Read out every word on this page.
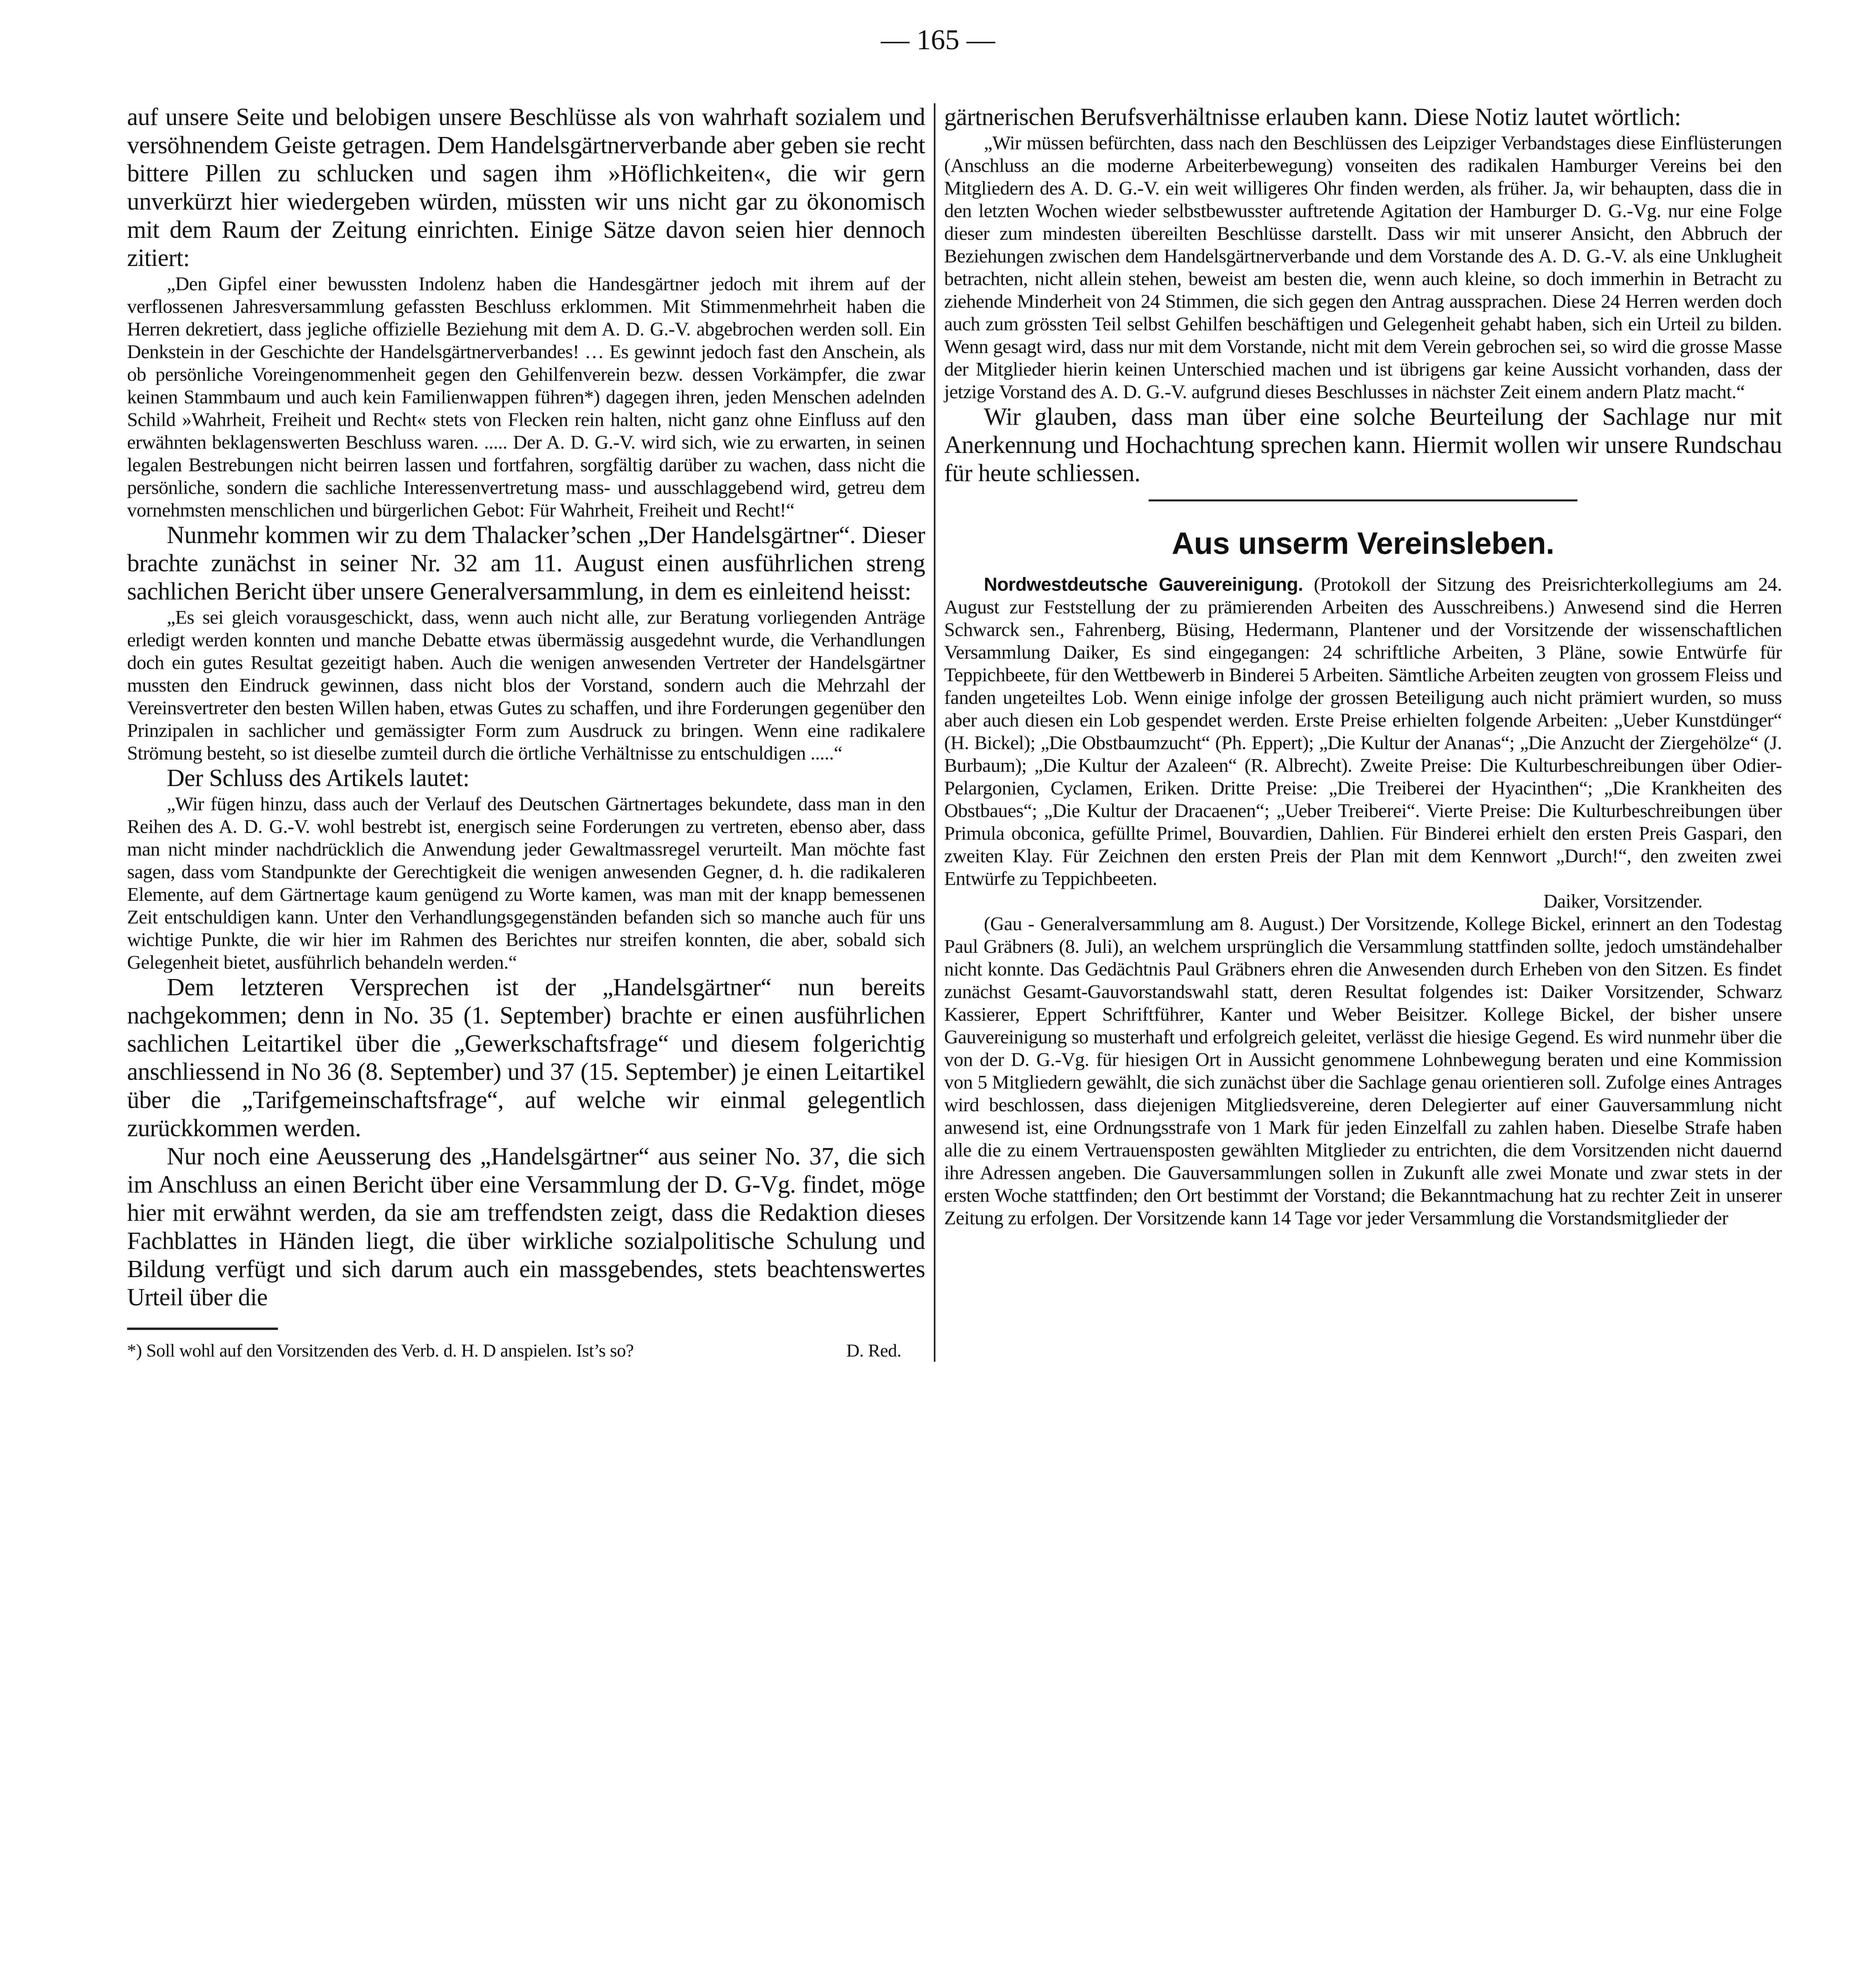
— 165 —

auf unsere Seite und belobigen unsere Beschlüsse als von wahrhaft sozialem und versöhnendem Geiste getragen. Dem Handelsgärtnerverbande aber geben sie recht bittere Pillen zu schlucken und sagen ihm »Höflichkeiten«, die wir gern unverkürzt hier wiedergeben würden, müssten wir uns nicht gar zu ökonomisch mit dem Raum der Zeitung einrichten. Einige Sätze davon seien hier dennoch zitiert:

„Den Gipfel einer bewussten Indolenz haben die Handesgärtner jedoch mit ihrem auf der verflossenen Jahresversammlung gefassten Beschluss erklommen. Mit Stimmenmehrheit haben die Herren dekretiert, dass jegliche offizielle Beziehung mit dem A. D. G.-V. abgebrochen werden soll. Ein Denkstein in der Geschichte der Handelsgärtnerverbandes! … Es gewinnt jedoch fast den Anschein, als ob persönliche Voreingenommenheit gegen den Gehilfenverein bezw. dessen Vorkämpfer, die zwar keinen Stammbaum und auch kein Familienwappen führen*) dagegen ihren, jeden Menschen adelnden Schild »Wahrheit, Freiheit und Recht« stets von Flecken rein halten, nicht ganz ohne Einfluss auf den erwähnten beklagenswerten Beschluss waren. ..... Der A. D. G.-V. wird sich, wie zu erwarten, in seinen legalen Bestrebungen nicht beirren lassen und fortfahren, sorgfältig darüber zu wachen, dass nicht die persönliche, sondern die sachliche Interessenvertretung mass- und ausschlaggebend wird, getreu dem vornehmsten menschlichen und bürgerlichen Gebot: Für Wahrheit, Freiheit und Recht!“

Nunmehr kommen wir zu dem Thalacker’schen „Der Handelsgärtner“. Dieser brachte zunächst in seiner Nr. 32 am 11. August einen ausführlichen streng sachlichen Bericht über unsere Generalversammlung, in dem es einleitend heisst:

„Es sei gleich vorausgeschickt, dass, wenn auch nicht alle, zur Beratung vorliegenden Anträge erledigt werden konnten und manche Debatte etwas übermässig ausgedehnt wurde, die Verhandlungen doch ein gutes Resultat gezeitigt haben. Auch die wenigen anwesenden Vertreter der Handelsgärtner mussten den Eindruck gewinnen, dass nicht blos der Vorstand, sondern auch die Mehrzahl der Vereinsvertreter den besten Willen haben, etwas Gutes zu schaffen, und ihre Forderungen gegenüber den Prinzipalen in sachlicher und gemässigter Form zum Ausdruck zu bringen. Wenn eine radikalere Strömung besteht, so ist dieselbe zumteil durch die örtliche Verhältnisse zu entschuldigen .....“

Der Schluss des Artikels lautet:

„Wir fügen hinzu, dass auch der Verlauf des Deutschen Gärtnertages bekundete, dass man in den Reihen des A. D. G.-V. wohl bestrebt ist, energisch seine Forderungen zu vertreten, ebenso aber, dass man nicht minder nachdrücklich die Anwendung jeder Gewaltmassregel verurteilt. Man möchte fast sagen, dass vom Standpunkte der Gerechtigkeit die wenigen anwesenden Gegner, d. h. die radikaleren Elemente, auf dem Gärtnertage kaum genügend zu Worte kamen, was man mit der knapp bemessenen Zeit entschuldigen kann. Unter den Verhandlungsgegenständen befanden sich so manche auch für uns wichtige Punkte, die wir hier im Rahmen des Berichtes nur streifen konnten, die aber, sobald sich Gelegenheit bietet, ausführlich behandeln werden.“

Dem letzteren Versprechen ist der „Handelsgärtner“ nun bereits nachgekommen; denn in No. 35 (1. September) brachte er einen ausführlichen sachlichen Leitartikel über die „Gewerkschaftsfrage“ und diesem folgerichtig anschliessend in No 36 (8. September) und 37 (15. September) je einen Leitartikel über die „Tarifgemeinschaftsfrage“, auf welche wir einmal gelegentlich zurückkommen werden.

Nur noch eine Aeusserung des „Handelsgärtner“ aus seiner No. 37, die sich im Anschluss an einen Bericht über eine Versammlung der D. G-Vg. findet, möge hier mit erwähnt werden, da sie am treffendsten zeigt, dass die Redaktion dieses Fachblattes in Händen liegt, die über wirkliche sozialpolitische Schulung und Bildung verfügt und sich darum auch ein massgebendes, stets beachtenswertes Urteil über die

*) Soll wohl auf den Vorsitzenden des Verb. d. H. D anspielen. Ist’s so?	D. Red.

gärtnerischen Berufsverhältnisse erlauben kann. Diese Notiz lautet wörtlich:

„Wir müssen befürchten, dass nach den Beschlüssen des Leipziger Verbandstages diese Einflüsterungen (Anschluss an die moderne Arbeiterbewegung) vonseiten des radikalen Hamburger Vereins bei den Mitgliedern des A. D. G.-V. ein weit willigeres Ohr finden werden, als früher. Ja, wir behaupten, dass die in den letzten Wochen wieder selbstbewusster auftretende Agitation der Hamburger D. G.-Vg. nur eine Folge dieser zum mindesten übereilten Beschlüsse darstellt. Dass wir mit unserer Ansicht, den Abbruch der Beziehungen zwischen dem Handelsgärtnerverbande und dem Vorstande des A. D. G.-V. als eine Unklugheit betrachten, nicht allein stehen, beweist am besten die, wenn auch kleine, so doch immerhin in Betracht zu ziehende Minderheit von 24 Stimmen, die sich gegen den Antrag aussprachen. Diese 24 Herren werden doch auch zum grössten Teil selbst Gehilfen beschäftigen und Gelegenheit gehabt haben, sich ein Urteil zu bilden. Wenn gesagt wird, dass nur mit dem Vorstande, nicht mit dem Verein gebrochen sei, so wird die grosse Masse der Mitglieder hierin keinen Unterschied machen und ist übrigens gar keine Aussicht vorhanden, dass der jetzige Vorstand des A. D. G.-V. aufgrund dieses Beschlusses in nächster Zeit einem andern Platz macht.“

Wir glauben, dass man über eine solche Beurteilung der Sachlage nur mit Anerkennung und Hochachtung sprechen kann. Hiermit wollen wir unsere Rundschau für heute schliessen.

Aus unserm Vereinsleben.

Nordwestdeutsche Gauvereinigung. (Protokoll der Sitzung des Preisrichterkollegiums am 24. August zur Feststellung der zu prämierenden Arbeiten des Ausschreibens.) Anwesend sind die Herren Schwarck sen., Fahrenberg, Büsing, Hedermann, Plantener und der Vorsitzende der wissenschaftlichen Versammlung Daiker, Es sind eingegangen: 24 schriftliche Arbeiten, 3 Pläne, sowie Entwürfe für Teppichbeete, für den Wettbewerb in Binderei 5 Arbeiten. Sämtliche Arbeiten zeugten von grossem Fleiss und fanden ungeteiltes Lob. Wenn einige infolge der grossen Beteiligung auch nicht prämiert wurden, so muss aber auch diesen ein Lob gespendet werden. Erste Preise erhielten folgende Arbeiten: „Ueber Kunstdünger“ (H. Bickel); „Die Obstbaumzucht“ (Ph. Eppert); „Die Kultur der Ananas“; „Die Anzucht der Ziergehölze“ (J. Burbaum); „Die Kultur der Azaleen“ (R. Albrecht). Zweite Preise: Die Kulturbeschreibungen über Odier-Pelargonien, Cyclamen, Eriken. Dritte Preise: „Die Treiberei der Hyacinthen“; „Die Krankheiten des Obstbaues“; „Die Kultur der Dracaenen“; „Ueber Treiberei“. Vierte Preise: Die Kulturbeschreibungen über Primula obconica, gefüllte Primel, Bouvardien, Dahlien. Für Binderei erhielt den ersten Preis Gaspari, den zweiten Klay. Für Zeichnen den ersten Preis der Plan mit dem Kennwort „Durch!“, den zweiten zwei Entwürfe zu Teppichbeeten.

Daiker, Vorsitzender.

(Gau - Generalversammlung am 8. August.) Der Vorsitzende, Kollege Bickel, erinnert an den Todestag Paul Gräbners (8. Juli), an welchem ursprünglich die Versammlung stattfinden sollte, jedoch umständehalber nicht konnte. Das Gedächtnis Paul Gräbners ehren die Anwesenden durch Erheben von den Sitzen. Es findet zunächst Gesamt-Gauvorstandswahl statt, deren Resultat folgendes ist: Daiker Vorsitzender, Schwarz Kassierer, Eppert Schriftführer, Kanter und Weber Beisitzer. Kollege Bickel, der bisher unsere Gauvereinigung so musterhaft und erfolgreich geleitet, verlässt die hiesige Gegend. Es wird nunmehr über die von der D. G.-Vg. für hiesigen Ort in Aussicht genommene Lohnbewegung beraten und eine Kommission von 5 Mitgliedern gewählt, die sich zunächst über die Sachlage genau orientieren soll. Zufolge eines Antrages wird beschlossen, dass diejenigen Mitgliedsvereine, deren Delegierter auf einer Gauversammlung nicht anwesend ist, eine Ordnungsstrafe von 1 Mark für jeden Einzelfall zu zahlen haben. Dieselbe Strafe haben alle die zu einem Vertrauensposten gewählten Mitglieder zu entrichten, die dem Vorsitzenden nicht dauernd ihre Adressen angeben. Die Gauversammlungen sollen in Zukunft alle zwei Monate und zwar stets in der ersten Woche stattfinden; den Ort bestimmt der Vorstand; die Bekanntmachung hat zu rechter Zeit in unserer Zeitung zu erfolgen. Der Vorsitzende kann 14 Tage vor jeder Versammlung die Vorstandsmitglieder der
